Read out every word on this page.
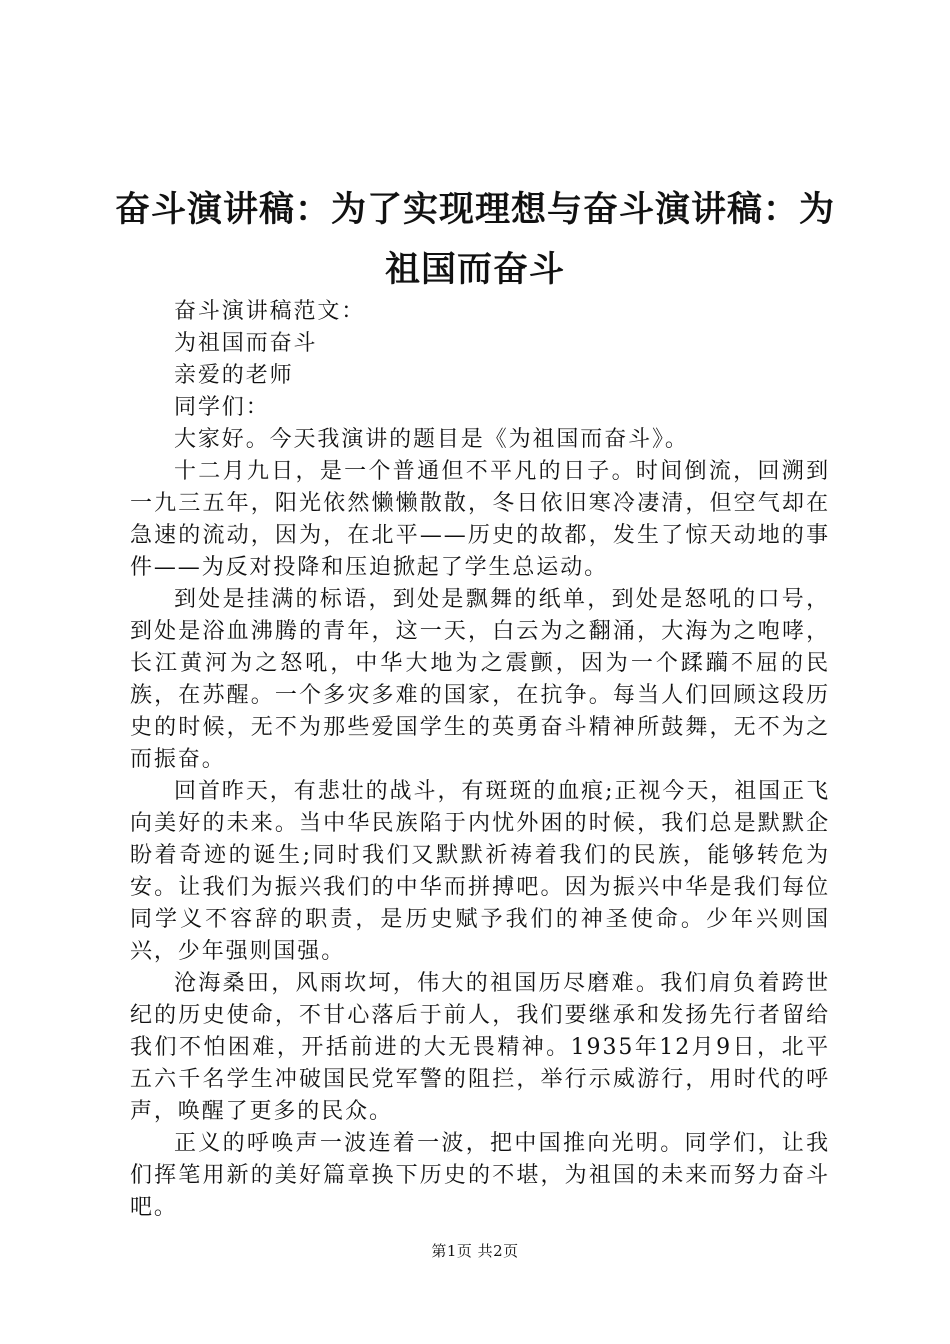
奋斗演讲稿：为了实现理想与奋斗演讲稿：为祖国而奋斗

奋斗演讲稿范文：

为祖国而奋斗

亲爱的老师

同学们：

大家好。今天我演讲的题目是《为祖国而奋斗》。

十二月九日，是一个普通但不平凡的日子。时间倒流，回溯到一九三五年，阳光依然懒懒散散，冬日依旧寒冷凄清，但空气却在急速的流动，因为，在北平——历史的故都，发生了惊天动地的事件——为反对投降和压迫掀起了学生总运动。

到处是挂满的标语，到处是飘舞的纸单，到处是怒吼的口号，到处是浴血沸腾的青年，这一天，白云为之翻涌，大海为之咆哮，长江黄河为之怒吼，中华大地为之震颤，因为一个蹂躏不屈的民族，在苏醒。一个多灾多难的国家，在抗争。每当人们回顾这段历史的时候，无不为那些爱国学生的英勇奋斗精神所鼓舞，无不为之而振奋。

回首昨天，有悲壮的战斗，有斑斑的血痕;正视今天，祖国正飞向美好的未来。当中华民族陷于内忧外困的时候，我们总是默默企盼着奇迹的诞生;同时我们又默默祈祷着我们的民族，能够转危为安。让我们为振兴我们的中华而拼搏吧。因为振兴中华是我们每位同学义不容辞的职责，是历史赋予我们的神圣使命。少年兴则国兴，少年强则国强。

沧海桑田，风雨坎坷，伟大的祖国历尽磨难。我们肩负着跨世纪的历史使命，不甘心落后于前人，我们要继承和发扬先行者留给我们不怕困难，开括前进的大无畏精神。1935年12月9日，北平五六千名学生冲破国民党军警的阻拦，举行示威游行，用时代的呼声，唤醒了更多的民众。

正义的呼唤声一波连着一波，把中国推向光明。同学们，让我们挥笔用新的美好篇章换下历史的不堪，为祖国的未来而努力奋斗吧。

第1页 共2页
